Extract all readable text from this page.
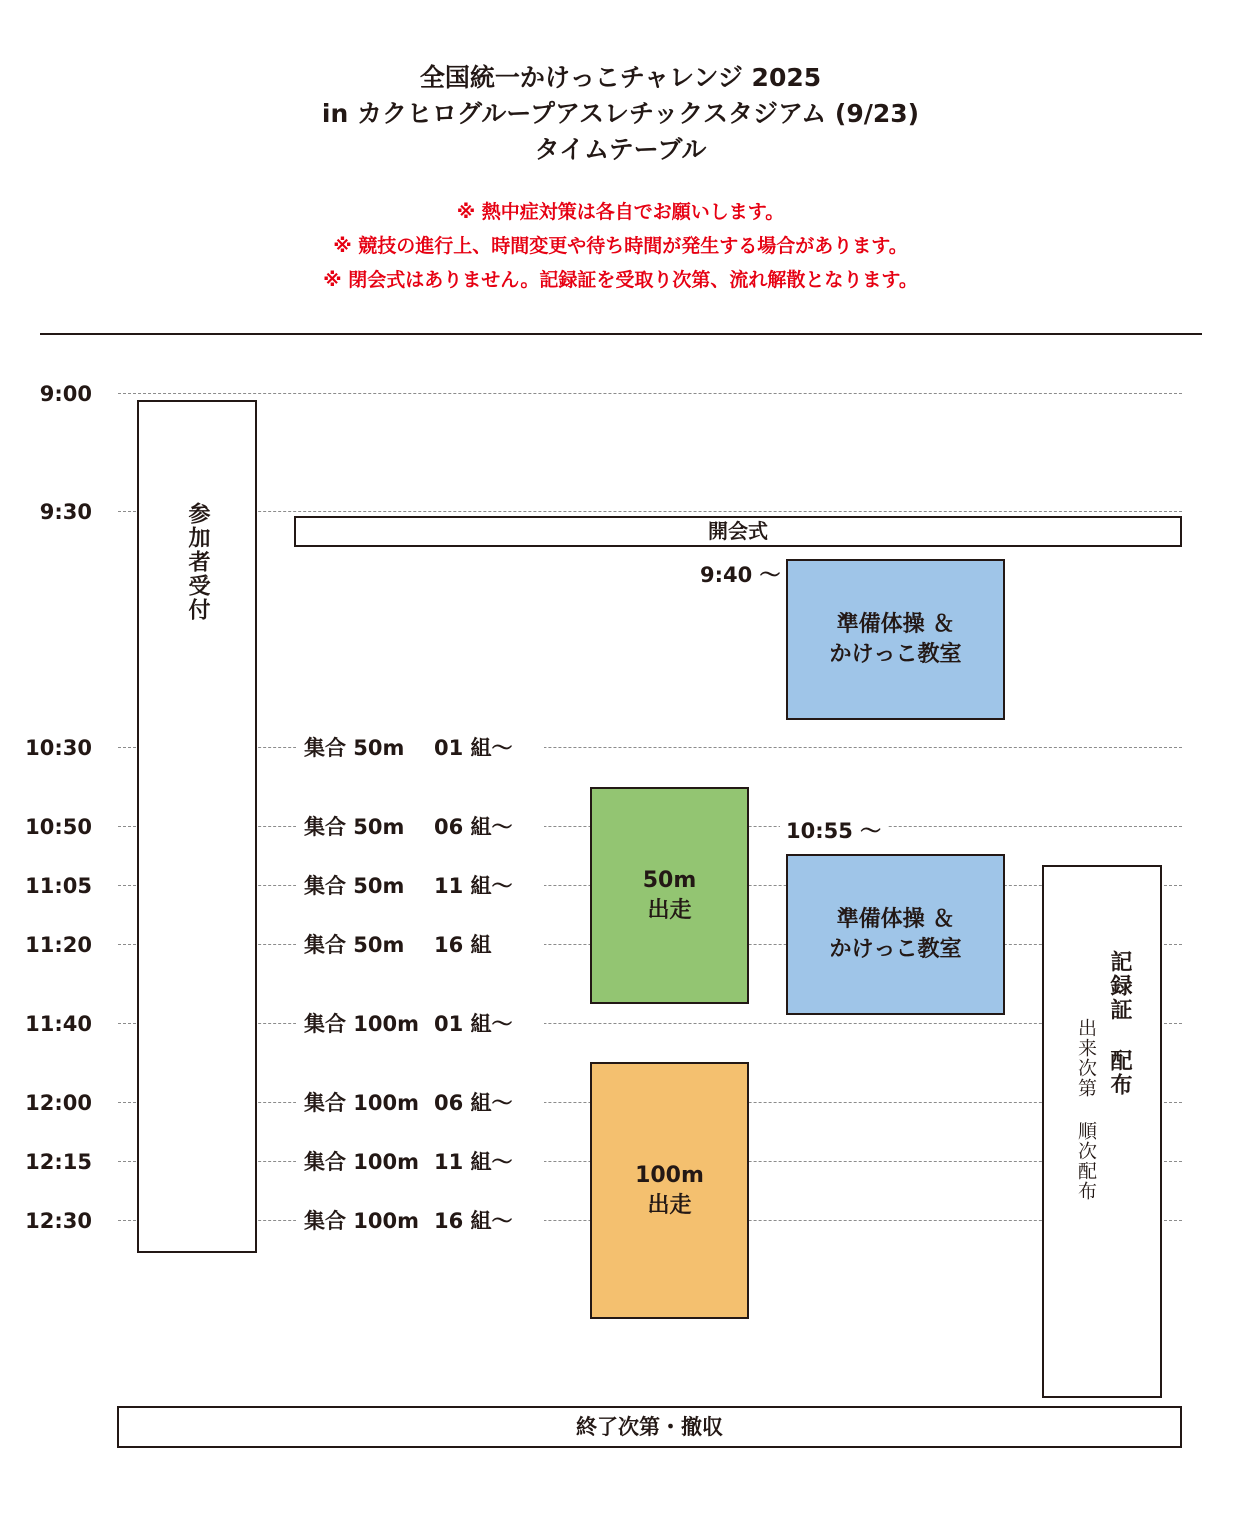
全国統一かけっこチャレンジ 2025
in カクヒログループアスレチックスタジアム (9/23)
タイムテーブル
※ 熱中症対策は各自でお願いします。
※ 競技の進行上、時間変更や待ち時間が発生する場合があります。
※ 閉会式はありません。記録証を受取り次第、流れ解散となります。
9:00
9:30
10:30
10:50
11:05
11:20
11:40
12:00
12:15
12:30
参加者受付	開会式
9:40 〜
準備体操 ＆
かけっこ教室
集合 50m 01 組〜
集合 50m 06 組〜
集合 50m 11 組〜
集合 50m 16 組
集合 100m 01 組〜
集合 100m 06 組〜
集合 100m 11 組〜
集合 100m 16 組〜
50m
出走
10:55 〜
準備体操 ＆
かけっこ教室
100m
出走
記録証 配布
出来次第 順次配布
終了次第・撤収
